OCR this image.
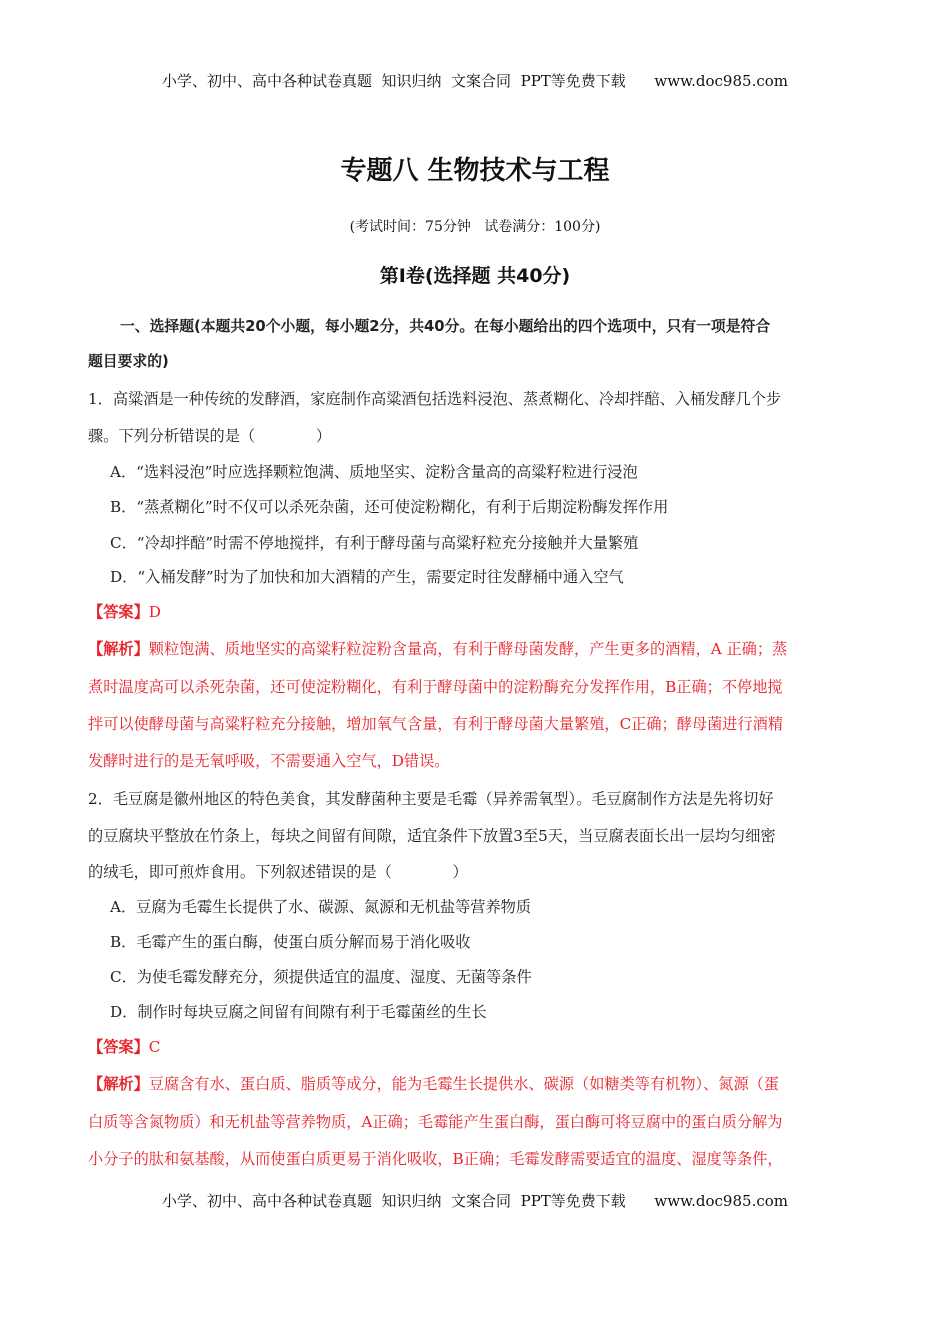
小学、初中、高中各种试卷真题  知识归纳  文案合同  PPT等免费下载      www.doc985.com
专题八 生物技术与工程
(考试时间：75分钟   试卷满分：100分)
第Ⅰ卷(选择题 共40分)
一、选择题(本题共20个小题，每小题2分，共40分。在每小题给出的四个选项中，只有一项是符合
题目要求的)
1．高粱酒是一种传统的发酵酒，家庭制作高粱酒包括选料浸泡、蒸煮糊化、冷却拌醅、入桶发酵几个步
骤。下列分析错误的是（　　　　）
A．“选料浸泡”时应选择颗粒饱满、质地坚实、淀粉含量高的高粱籽粒进行浸泡
B．“蒸煮糊化”时不仅可以杀死杂菌，还可使淀粉糊化，有利于后期淀粉酶发挥作用
C．“冷却拌醅”时需不停地搅拌，有利于酵母菌与高粱籽粒充分接触并大量繁殖
D．“入桶发酵”时为了加快和加大酒精的产生，需要定时往发酵桶中通入空气
【答案】D
【解析】颗粒饱满、质地坚实的高粱籽粒淀粉含量高，有利于酵母菌发酵，产生更多的酒精，A 正确；蒸
煮时温度高可以杀死杂菌，还可使淀粉糊化，有利于酵母菌中的淀粉酶充分发挥作用，B正确；不停地搅
拌可以使酵母菌与高粱籽粒充分接触，增加氧气含量，有利于酵母菌大量繁殖，C正确；酵母菌进行酒精
发酵时进行的是无氧呼吸，不需要通入空气，D错误。
2．毛豆腐是徽州地区的特色美食，其发酵菌种主要是毛霉（异养需氧型）。毛豆腐制作方法是先将切好
的豆腐块平整放在竹条上，每块之间留有间隙，适宜条件下放置3至5天，当豆腐表面长出一层均匀细密
的绒毛，即可煎炸食用。下列叙述错误的是（　　　　）
A．豆腐为毛霉生长提供了水、碳源、氮源和无机盐等营养物质
B．毛霉产生的蛋白酶，使蛋白质分解而易于消化吸收
C．为使毛霉发酵充分，须提供适宜的温度、湿度、无菌等条件
D．制作时每块豆腐之间留有间隙有利于毛霉菌丝的生长
【答案】C
【解析】豆腐含有水、蛋白质、脂质等成分，能为毛霉生长提供水、碳源（如糖类等有机物）、氮源（蛋
白质等含氮物质）和无机盐等营养物质，A正确；毛霉能产生蛋白酶，蛋白酶可将豆腐中的蛋白质分解为
小分子的肽和氨基酸，从而使蛋白质更易于消化吸收，B正确；毛霉发酵需要适宜的温度、湿度等条件，
小学、初中、高中各种试卷真题  知识归纳  文案合同  PPT等免费下载      www.doc985.com
